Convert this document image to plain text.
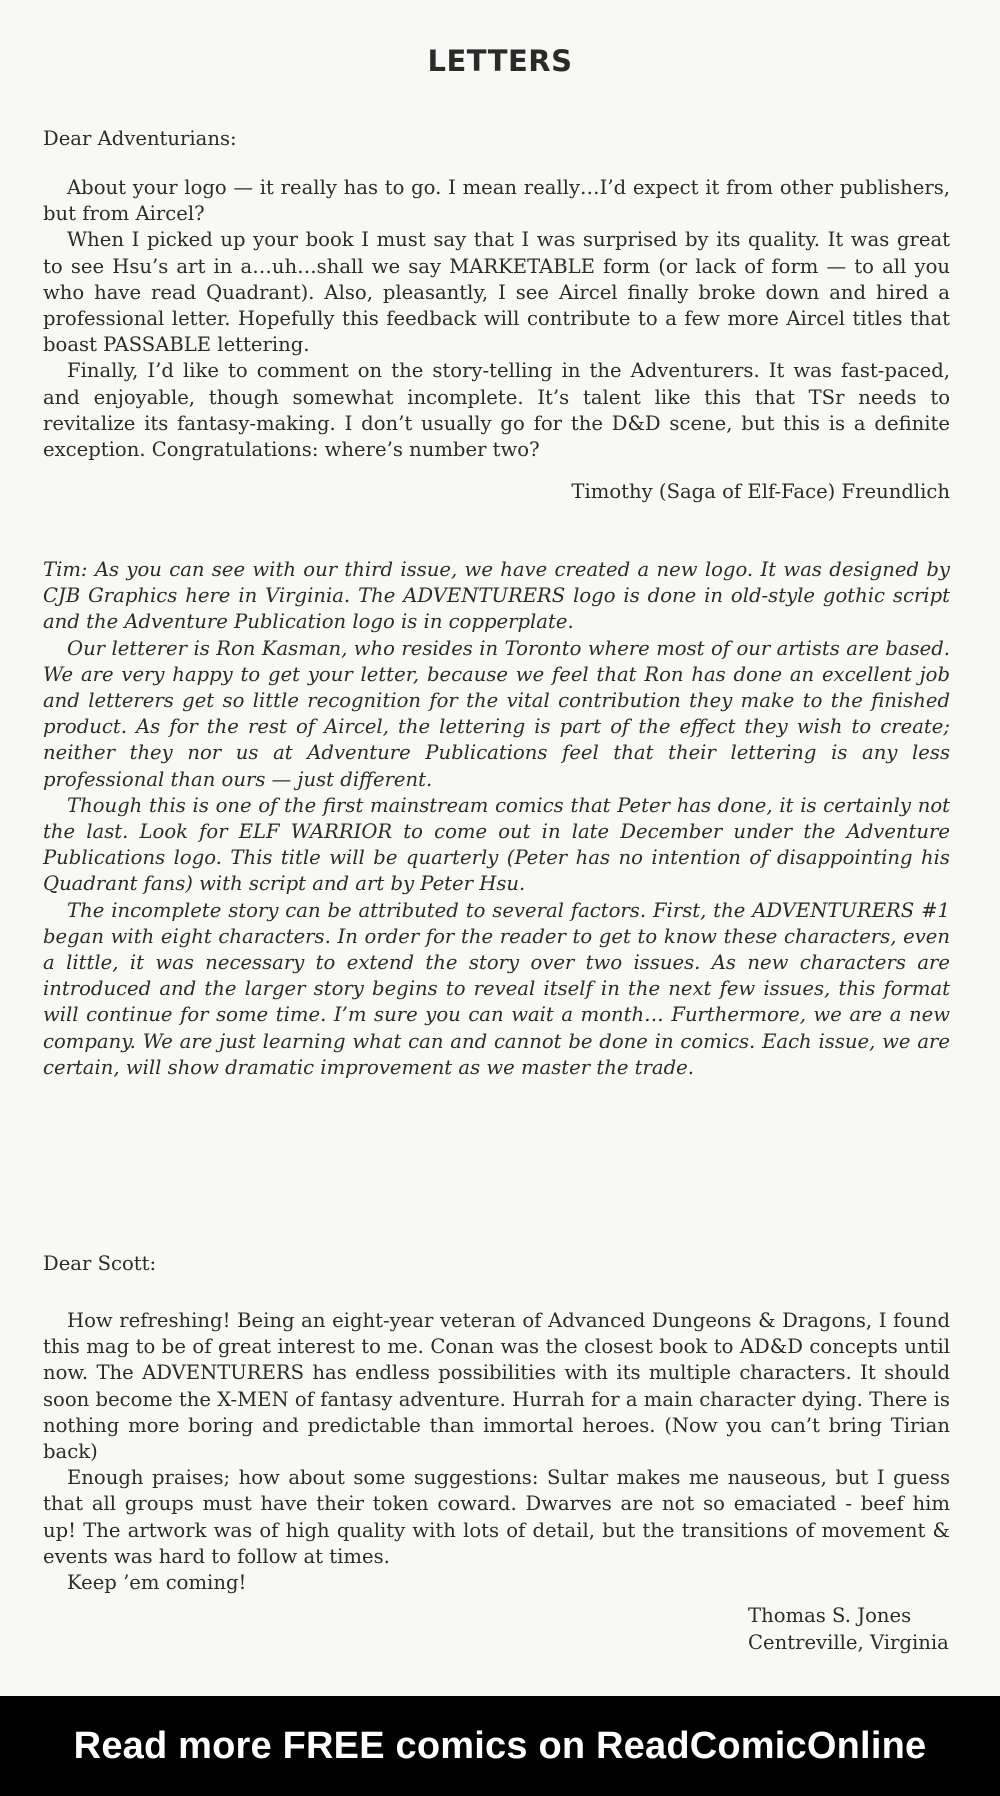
LETTERS
Dear Adventurians:

About your logo — it really has to go. I mean really…I’d expect it from other publishers, but from Aircel?

When I picked up your book I must say that I was surprised by its quality. It was great to see Hsu’s art in a…uh…shall we say MARKETABLE form (or lack of form — to all you who have read Quadrant). Also, pleasantly, I see Aircel finally broke down and hired a professional letter. Hopefully this feedback will contribute to a few more Aircel titles that boast PASSABLE lettering.

Finally, I’d like to comment on the story-telling in the Adventurers. It was fast-paced, and enjoyable, though somewhat incomplete. It’s talent like this that TSr needs to revitalize its fantasy-making. I don’t usually go for the D&D scene, but this is a definite exception. Congratulations: where’s number two?

Timothy (Saga of Elf-Face) Freundlich

Tim: As you can see with our third issue, we have created a new logo. It was designed by CJB Graphics here in Virginia. The ADVENTURERS logo is done in old-style gothic script and the Adventure Publication logo is in copperplate.

Our letterer is Ron Kasman, who resides in Toronto where most of our artists are based. We are very happy to get your letter, because we feel that Ron has done an excellent job and letterers get so little recognition for the vital contribution they make to the finished product. As for the rest of Aircel, the lettering is part of the effect they wish to create; neither they nor us at Adventure Publications feel that their lettering is any less professional than ours — just different.

Though this is one of the first mainstream comics that Peter has done, it is certainly not the last. Look for ELF WARRIOR to come out in late December under the Adventure Publications logo. This title will be quarterly (Peter has no intention of disappointing his Quadrant fans) with script and art by Peter Hsu.

The incomplete story can be attributed to several factors. First, the ADVENTURERS #1 began with eight characters. In order for the reader to get to know these characters, even a little, it was necessary to extend the story over two issues. As new characters are introduced and the larger story begins to reveal itself in the next few issues, this format will continue for some time. I’m sure you can wait a month… Furthermore, we are a new company. We are just learning what can and cannot be done in comics. Each issue, we are certain, will show dramatic improvement as we master the trade.

Dear Scott:

How refreshing! Being an eight-year veteran of Advanced Dungeons & Dragons, I found this mag to be of great interest to me. Conan was the closest book to AD&D concepts until now. The ADVENTURERS has endless possibilities with its multiple characters. It should soon become the X-MEN of fantasy adventure. Hurrah for a main character dying. There is nothing more boring and predictable than immortal heroes. (Now you can’t bring Tirian back)

Enough praises; how about some suggestions: Sultar makes me nauseous, but I guess that all groups must have their token coward. Dwarves are not so emaciated - beef him up! The artwork was of high quality with lots of detail, but the transitions of movement & events was hard to follow at times.

Keep ’em coming!

Thomas S. Jones
Centreville, Virginia
Read more FREE comics on ReadComicOnline
